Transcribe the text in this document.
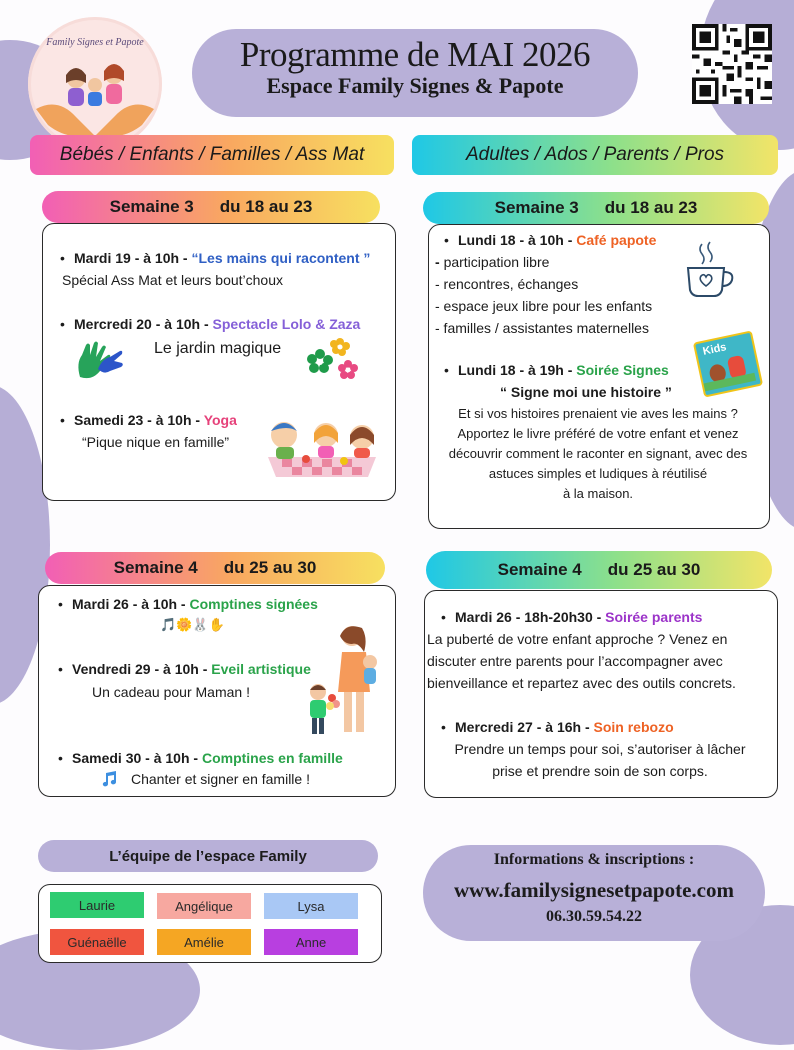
Family Signes et Papote	Programme de MAI 2026
Espace Family Signes & Papote
Bébés / Enfants / Familles / Ass Mat	Adultes / Ados / Parents / Pros
Semaine 3 du 18 au 23
• Mardi 19 - à 10h - “Les mains qui racontent ”
Spécial Ass Mat et leurs bout’choux
• Mercredi 20 - à 10h - Spectacle Lolo & Zaza
Le jardin magique
• Samedi 23 - à 10h - Yoga
“Pique nique en famille”
Semaine 4 du 25 au 30
• Mardi 26 - à 10h - Comptines signées
🎵🌼🐰✋
• Vendredi 29 - à 10h - Eveil artistique
Un cadeau pour Maman !
• Samedi 30 - à 10h - Comptines en famille
Chanter et signer en famille !
Semaine 3 du 18 au 23
• Lundi 18 - à 10h - Café papote
- participation libre
- rencontres, échanges
- espace jeux libre pour les enfants
- familles / assistantes maternelles
• Lundi 18 - à 19h - Soirée Signes
“ Signe moi une histoire ”
Et si vos histoires prenaient vie aves les mains ?
Apportez le livre préféré de votre enfant et venez
découvrir comment le raconter en signant, avec des
astuces simples et ludiques à réutilisé
à la maison.
Kids
Semaine 4 du 25 au 30
• Mardi 26 - 18h-20h30 - Soirée parents
La puberté de votre enfant approche ? Venez en
discuter entre parents pour l’accompagner avec
bienveillance et repartez avec des outils concrets.
• Mercredi 27 - à 16h - Soin rebozo
Prendre un temps pour soi, s’autoriser à lâcher
prise et prendre soin de son corps.
L’équipe de l’espace Family
Laurie	Angélique	Lysa
Guénaëlle	Amélie	Anne
Informations & inscriptions :
www.familysignesetpapote.com
06.30.59.54.22
